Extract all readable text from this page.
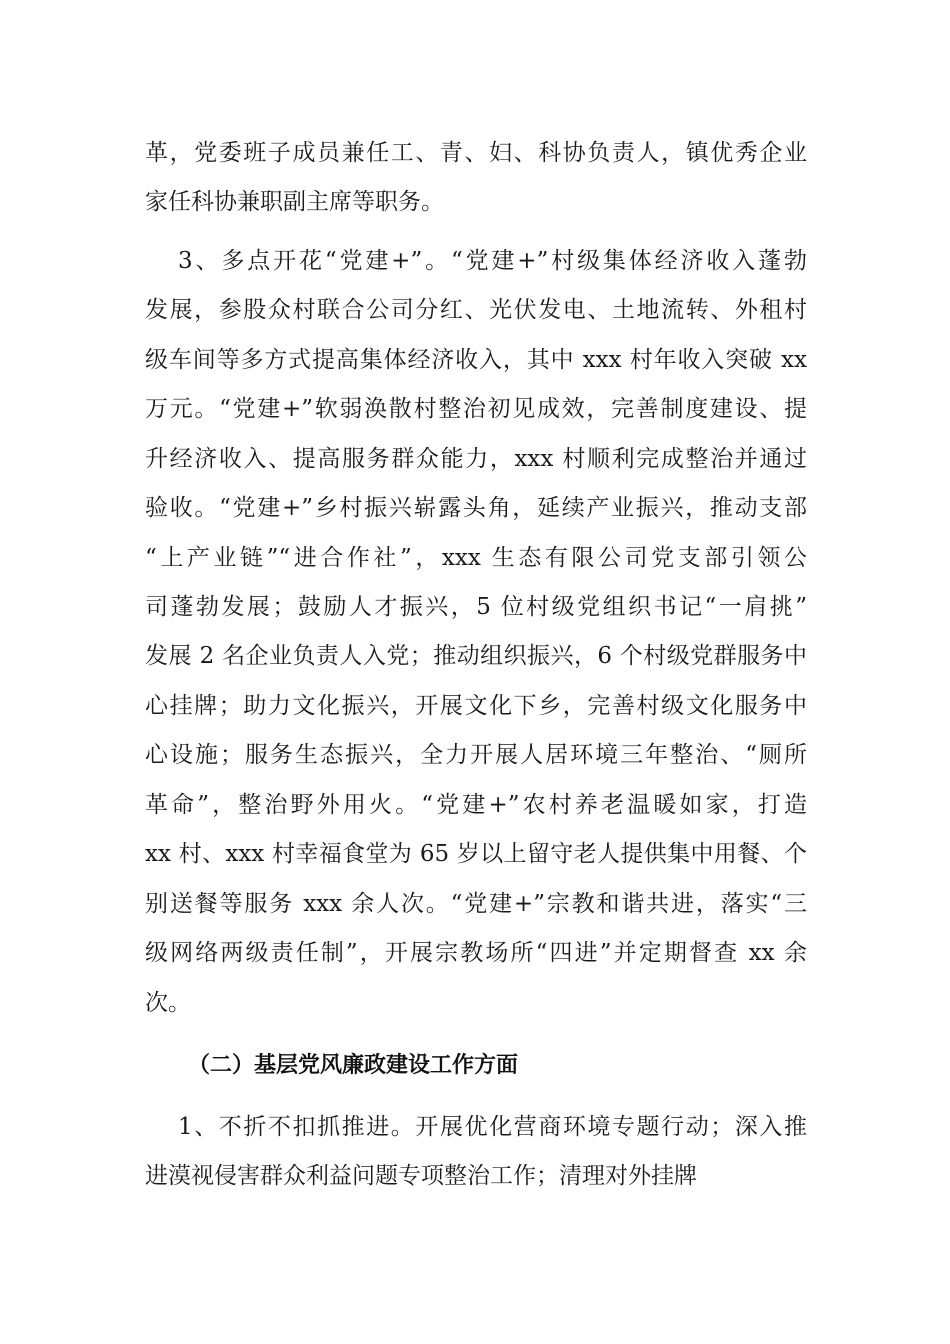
革，党委班子成员兼任工、青、妇、科协负责人，镇优秀企业
家任科协兼职副主席等职务。
3、多点开花“党建+”。“党建+”村级集体经济收入蓬勃
发展，参股众村联合公司分红、光伏发电、土地流转、外租村
级车间等多方式提高集体经济收入，其中 xxx 村年收入突破 xx
万元。“党建+”软弱涣散村整治初见成效，完善制度建设、提
升经济收入、提高服务群众能力，xxx 村顺利完成整治并通过
验收。“党建+”乡村振兴崭露头角，延续产业振兴，推动支部
“上产业链”“进合作社”，xxx 生态有限公司党支部引领公
司蓬勃发展；鼓励人才振兴，5 位村级党组织书记“一肩挑”
发展 2 名企业负责人入党；推动组织振兴，6 个村级党群服务中
心挂牌；助力文化振兴，开展文化下乡，完善村级文化服务中
心设施；服务生态振兴，全力开展人居环境三年整治、“厕所
革命”，整治野外用火。“党建+”农村养老温暖如家，打造
xx 村、xxx 村幸福食堂为 65 岁以上留守老人提供集中用餐、个
别送餐等服务 xxx 余人次。“党建+”宗教和谐共进，落实“三
级网络两级责任制”，开展宗教场所“四进”并定期督查 xx 余
次。
（二）基层党风廉政建设工作方面
1、不折不扣抓推进。开展优化营商环境专题行动；深入推
进漠视侵害群众利益问题专项整治工作；清理对外挂牌
